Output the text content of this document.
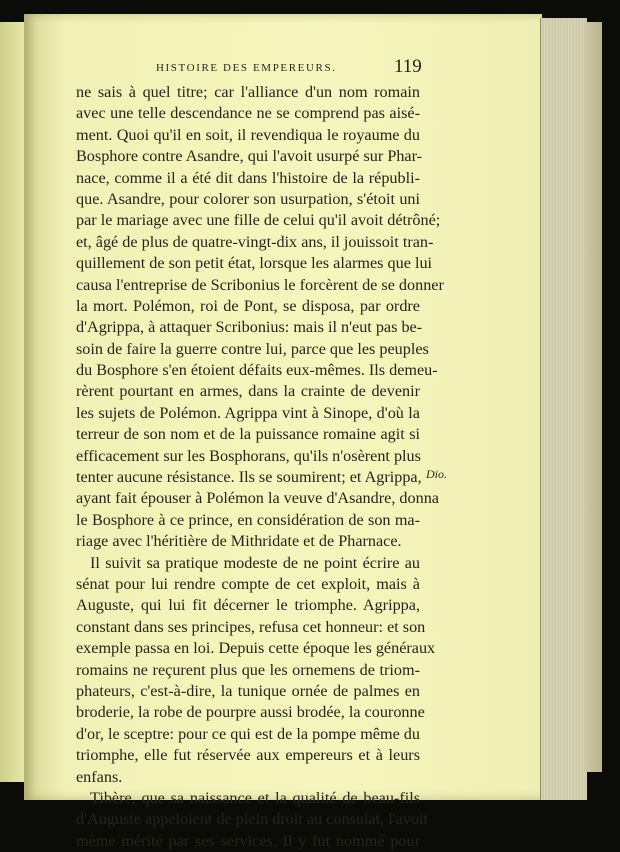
HISTOIRE DES EMPEREURS.	119
Dio.
ne sais à quel titre; car l'alliance d'un nom romain
avec une telle descendance ne se comprend pas aisé-
ment. Quoi qu'il en soit, il revendiqua le royaume du
Bosphore contre Asandre, qui l'avoit usurpé sur Phar-
nace, comme il a été dit dans l'histoire de la républi-
que. Asandre, pour colorer son usurpation, s'étoit uni
par le mariage avec une fille de celui qu'il avoit détrôné;
et, âgé de plus de quatre-vingt-dix ans, il jouissoit tran-
quillement de son petit état, lorsque les alarmes que lui
causa l'entreprise de Scribonius le forcèrent de se donner
la mort. Polémon, roi de Pont, se disposa, par ordre
d'Agrippa, à attaquer Scribonius: mais il n'eut pas be-
soin de faire la guerre contre lui, parce que les peuples
du Bosphore s'en étoient défaits eux-mêmes. Ils demeu-
rèrent pourtant en armes, dans la crainte de devenir
les sujets de Polémon. Agrippa vint à Sinope, d'où la
terreur de son nom et de la puissance romaine agit si
efficacement sur les Bosphorans, qu'ils n'osèrent plus
tenter aucune résistance. Ils se soumirent; et Agrippa,
ayant fait épouser à Polémon la veuve d'Asandre, donna
le Bosphore à ce prince, en considération de son ma-
riage avec l'héritière de Mithridate et de Pharnace.
Il suivit sa pratique modeste de ne point écrire au
sénat pour lui rendre compte de cet exploit, mais à
Auguste, qui lui fit décerner le triomphe. Agrippa,
constant dans ses principes, refusa cet honneur: et son
exemple passa en loi. Depuis cette époque les généraux
romains ne reçurent plus que les ornemens de triom-
phateurs, c'est-à-dire, la tunique ornée de palmes en
broderie, la robe de pourpre aussi brodée, la couronne
d'or, le sceptre: pour ce qui est de la pompe même du
triomphe, elle fut réservée aux empereurs et à leurs
enfans.
Tibère, que sa naissance et la qualité de beau-fils
d'Auguste appeloient de plein droit au consulat, l'avoit
même mérité par ses services. Il y fut nommé pour
